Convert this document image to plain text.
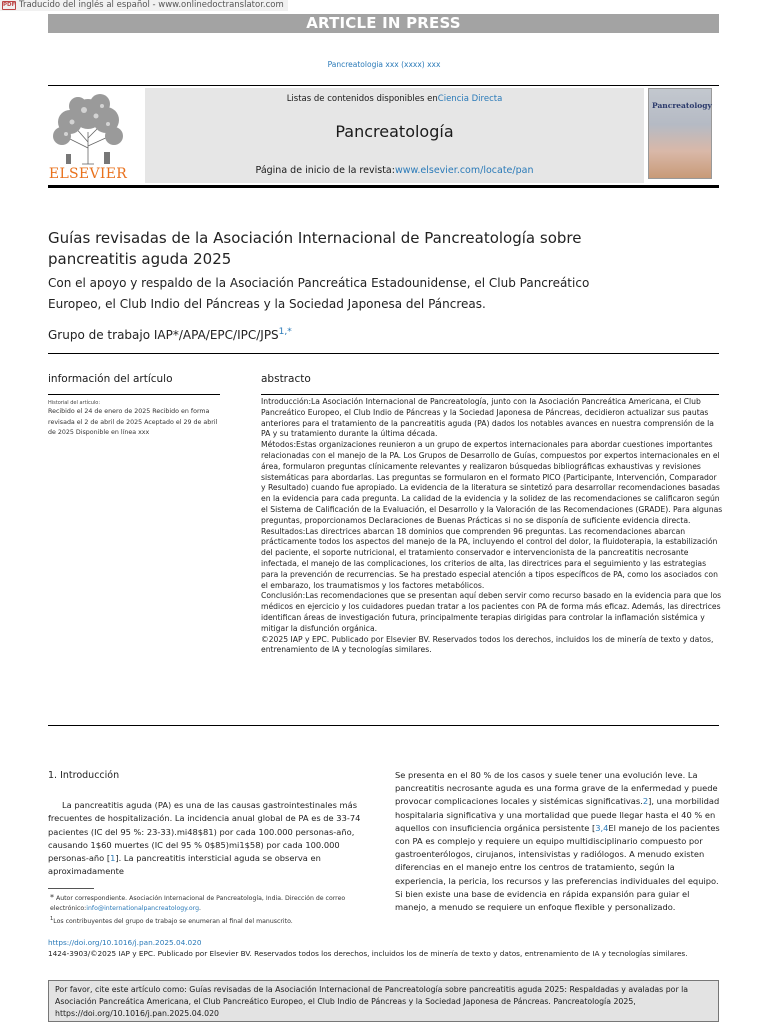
PDF Traducido del inglés al español - www.onlinedoctranslator.com
ARTICLE IN PRESS
Pancreatologia xxx (xxxx) xxx
ELSEVIER
Listas de contenidos disponibles enCiencia Directa
Pancreatología
Página de inicio de la revista:www.elsevier.com/locate/pan
Pancreatology
Guías revisadas de la Asociación Internacional de Pancreatología sobre pancreatitis aguda 2025
Con el apoyo y respaldo de la Asociación Pancreática Estadounidense, el Club Pancreático Europeo, el Club Indio del Páncreas y la Sociedad Japonesa del Páncreas.
Grupo de trabajo $IAP*/APA/EPC/IPC/JPS^{1,*}$
información del artículo
Historial del artículo:
Recibido el 24 de enero de 2025 Recibido en forma revisada el 2 de abril de 2025 Aceptado el 29 de abril de 2025 Disponible en línea xxx
abstracto

Introducción:La Asociación Internacional de Pancreatología, junto con la Asociación Pancreática Americana, el Club Pancreático Europeo, el Club Indio de Páncreas y la Sociedad Japonesa de Páncreas, decidieron actualizar sus pautas anteriores para el tratamiento de la pancreatitis aguda (PA) dados los notables avances en nuestra comprensión de la PA y su tratamiento durante la última década.

Métodos:Estas organizaciones reunieron a un grupo de expertos internacionales para abordar cuestiones importantes relacionadas con el manejo de la PA. Los Grupos de Desarrollo de Guías, compuestos por expertos internacionales en el área, formularon preguntas clínicamente relevantes y realizaron búsquedas bibliográficas exhaustivas y revisiones sistemáticas para abordarlas. Las preguntas se formularon en el formato PICO (Participante, Intervención, Comparador y Resultado) cuando fue apropiado. La evidencia de la literatura se sintetizó para desarrollar recomendaciones basadas en la evidencia para cada pregunta. La calidad de la evidencia y la solidez de las recomendaciones se calificaron según el Sistema de Calificación de la Evaluación, el Desarrollo y la Valoración de las Recomendaciones (GRADE). Para algunas preguntas, proporcionamos Declaraciones de Buenas Prácticas si no se disponía de suficiente evidencia directa.

Resultados:Las directrices abarcan 18 dominios que comprenden 96 preguntas. Las recomendaciones abarcan prácticamente todos los aspectos del manejo de la PA, incluyendo el control del dolor, la fluidoterapia, la estabilización del paciente, el soporte nutricional, el tratamiento conservador e intervencionista de la pancreatitis necrosante infectada, el manejo de las complicaciones, los criterios de alta, las directrices para el seguimiento y las estrategias para la prevención de recurrencias. Se ha prestado especial atención a tipos específicos de PA, como los asociados con el embarazo, los traumatismos y los factores metabólicos.

Conclusión:Las recomendaciones que se presentan aquí deben servir como recurso basado en la evidencia para que los médicos en ejercicio y los cuidadores puedan tratar a los pacientes con PA de forma más eficaz. Además, las directrices identifican áreas de investigación futura, principalmente terapias dirigidas para controlar la inflamación sistémica y mitigar la disfunción orgánica.

©2025 IAP y EPC. Publicado por Elsevier BV. Reservados todos los derechos, incluidos los de minería de texto y datos, entrenamiento de IA y tecnologías similares.

1. Introducción

La pancreatitis aguda (PA) es una de las causas gastrointestinales más frecuentes de hospitalización. La incidencia anual global de PA es de 33-74 pacientes (IC del 95 %: 23-33).mi48$81) por cada 100.000 personas-año, causando 1$60 muertes (IC del 95 % 0$85)mi1$58) por cada 100.000 personas-año [1]. La pancreatitis intersticial aguda se observa en aproximadamente

Se presenta en el 80 % de los casos y suele tener una evolución leve. La pancreatitis necrosante aguda es una forma grave de la enfermedad y puede provocar complicaciones locales y sistémicas significativas.2], una morbilidad hospitalaria significativa y una mortalidad que puede llegar hasta el 40 % en aquellos con insuficiencia orgánica persistente [3,4El manejo de los pacientes con PA es complejo y requiere un equipo multidisciplinario compuesto por gastroenterólogos, cirujanos, intensivistas y radiólogos. A menudo existen diferencias en el manejo entre los centros de tratamiento, según la experiencia, la pericia, los recursos y las preferencias individuales del equipo. Si bien existe una base de evidencia en rápida expansión para guiar el manejo, a menudo se requiere un enfoque flexible y personalizado.

* Autor correspondiente. Asociación Internacional de Pancreatología, India. Dirección de correo electrónico:info@internationalpancreatology.org.
$^1$Los contribuyentes del grupo de trabajo se enumeran al final del manuscrito.
https://doi.org/10.1016/j.pan.2025.04.020
1424-3903/©2025 IAP y EPC. Publicado por Elsevier BV. Reservados todos los derechos, incluidos los de minería de texto y datos, entrenamiento de IA y tecnologías similares.
Por favor, cite este artículo como: Guías revisadas de la Asociación Internacional de Pancreatología sobre pancreatitis aguda 2025: Respaldadas y avaladas por la Asociación Pancreática Americana, el Club Pancreático Europeo, el Club Indio de Páncreas y la Sociedad Japonesa de Páncreas. Pancreatología 2025, https://doi.org/10.1016/j.pan.2025.04.020
